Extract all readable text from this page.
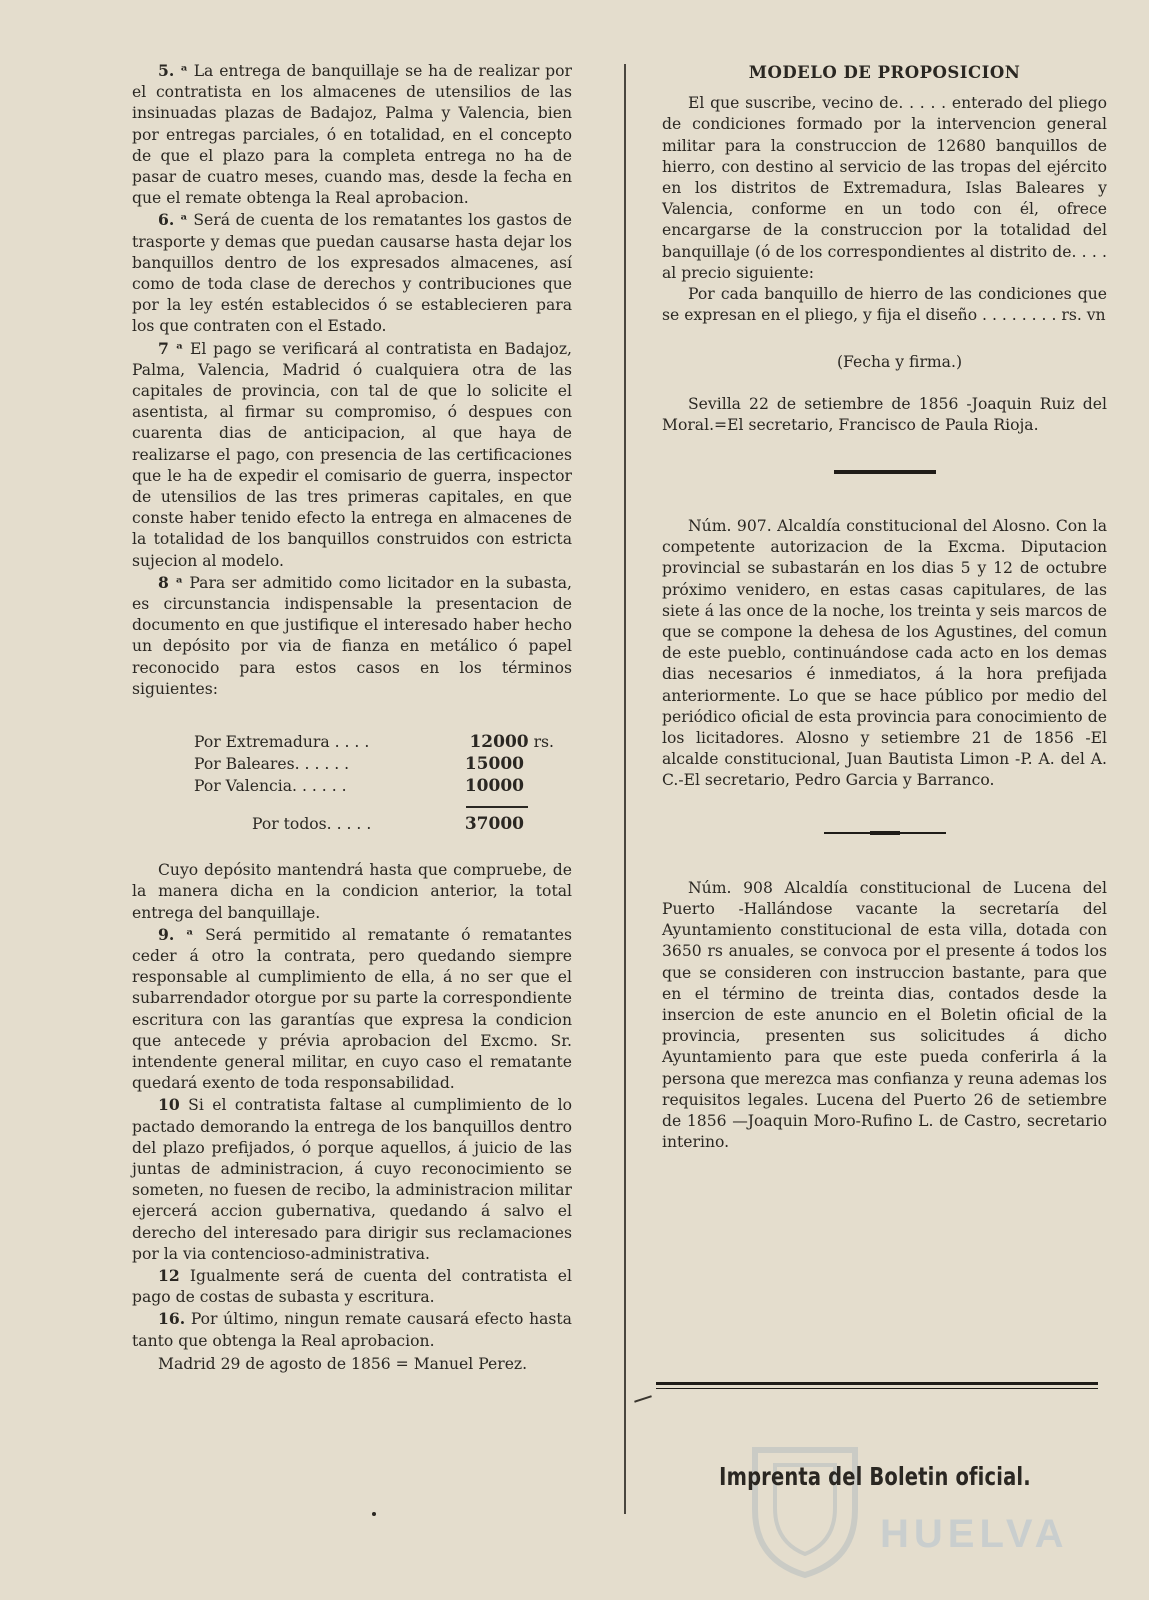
5. ᵃ La entrega de banquillaje se ha de realizar por el contratista en los almacenes de utensilios de las insinuadas plazas de Badajoz, Palma y Valencia, bien por entregas parciales, ó en totalidad, en el concepto de que el plazo para la completa entrega no ha de pasar de cuatro meses, cuando mas, desde la fecha en que el remate obtenga la Real aprobacion.

6. ᵃ Será de cuenta de los rematantes los gastos de trasporte y demas que puedan causarse hasta dejar los banquillos dentro de los expresados almacenes, así como de toda clase de derechos y contribuciones que por la ley estén establecidos ó se establecieren para los que contraten con el Estado.

7 ᵃ El pago se verificará al contratista en Badajoz, Palma, Valencia, Madrid ó cualquiera otra de las capitales de provincia, con tal de que lo solicite el asentista, al firmar su compromiso, ó despues con cuarenta dias de anticipacion, al que haya de realizarse el pago, con presencia de las certificaciones que le ha de expedir el comisario de guerra, inspector de utensilios de las tres primeras capitales, en que conste haber tenido efecto la entrega en almacenes de la totalidad de los banquillos construidos con estricta sujecion al modelo.

8 ᵃ Para ser admitido como licitador en la subasta, es circunstancia indispensable la presentacion de documento en que justifique el interesado haber hecho un depósito por via de fianza en metálico ó papel reconocido para estos casos en los términos siguientes:

Por Extremadura . . . .	12000 rs.
Por Baleares. . . . . .	15000
Por Valencia. . . . . .	10000
Por todos. . . . .	37000

Cuyo depósito mantendrá hasta que compruebe, de la manera dicha en la condicion anterior, la total entrega del banquillaje.

9. ᵃ Será permitido al rematante ó rematantes ceder á otro la contrata, pero quedando siempre responsable al cumplimiento de ella, á no ser que el subarrendador otorgue por su parte la correspondiente escritura con las garantías que expresa la condicion que antecede y prévia aprobacion del Excmo. Sr. intendente general militar, en cuyo caso el rematante quedará exento de toda responsabilidad.

10 Si el contratista faltase al cumplimiento de lo pactado demorando la entrega de los banquillos dentro del plazo prefijados, ó porque aquellos, á juicio de las juntas de administracion, á cuyo reconocimiento se someten, no fuesen de recibo, la administracion militar ejercerá accion gubernativa, quedando á salvo el derecho del interesado para dirigir sus reclamaciones por la via contencioso-administrativa.

12 Igualmente será de cuenta del contratista el pago de costas de subasta y escritura.

16. Por último, ningun remate causará efecto hasta tanto que obtenga la Real aprobacion.

Madrid 29 de agosto de 1856 = Manuel Perez.

MODELO DE PROPOSICION

El que suscribe, vecino de. . . . . enterado del pliego de condiciones formado por la intervencion general militar para la construccion de 12680 banquillos de hierro, con destino al servicio de las tropas del ejército en los distritos de Extremadura, Islas Baleares y Valencia, conforme en un todo con él, ofrece encargarse de la construccion por la totalidad del banquillaje (ó de los correspondientes al distrito de. . . . al precio siguiente:

Por cada banquillo de hierro de las condiciones que se expresan en el pliego, y fija el diseño . . . . . . . . rs. vn

(Fecha y firma.)

Sevilla 22 de setiembre de 1856 -Joaquin Ruiz del Moral.=El secretario, Francisco de Paula Rioja.

Núm. 907. Alcaldía constitucional del Alosno. Con la competente autorizacion de la Excma. Diputacion provincial se subastarán en los dias 5 y 12 de octubre próximo venidero, en estas casas capitulares, de las siete á las once de la noche, los treinta y seis marcos de que se compone la dehesa de los Agustines, del comun de este pueblo, continuándose cada acto en los demas dias necesarios é inmediatos, á la hora prefijada anteriormente. Lo que se hace público por medio del periódico oficial de esta provincia para conocimiento de los licitadores. Alosno y setiembre 21 de 1856 -El alcalde constitucional, Juan Bautista Limon -P. A. del A. C.-El secretario, Pedro Garcia y Barranco.

Núm. 908 Alcaldía constitucional de Lucena del Puerto -Hallándose vacante la secretaría del Ayuntamiento constitucional de esta villa, dotada con 3650 rs anuales, se convoca por el presente á todos los que se consideren con instruccion bastante, para que en el término de treinta dias, contados desde la insercion de este anuncio en el Boletin oficial de la provincia, presenten sus solicitudes á dicho Ayuntamiento para que este pueda conferirla á la persona que merezca mas confianza y reuna ademas los requisitos legales. Lucena del Puerto 26 de setiembre de 1856 —Joaquin Moro-Rufino L. de Castro, secretario interino.

Imprenta del Boletin oficial.
HUELVA
